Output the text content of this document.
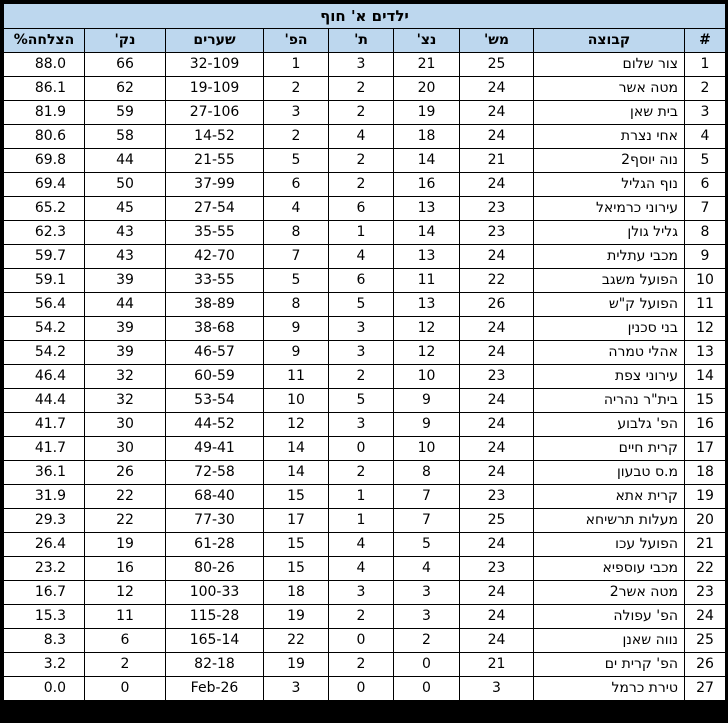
ילדים א' חוף								
#	קבוצה	מש'	נצ'	ת'	הפ'	שערים	נק'	הצלחה%
1	צור שלום	25	21	3	1	32-109	66	88.0
2	מטה אשר	24	20	2	2	19-109	62	86.1
3	בית שאן	24	19	2	3	27-106	59	81.9
4	אחי נצרת	24	18	4	2	14-52	58	80.6
5	נוה יוסף2	21	14	2	5	21-55	44	69.8
6	נוף הגליל	24	16	2	6	37-99	50	69.4
7	עירוני כרמיאל	23	13	6	4	27-54	45	65.2
8	גליל גולן	23	14	1	8	35-55	43	62.3
9	מכבי עתלית	24	13	4	7	42-70	43	59.7
10	הפועל משגב	22	11	6	5	33-55	39	59.1
11	הפועל ק"ש	26	13	5	8	38-89	44	56.4
12	בני סכנין	24	12	3	9	38-68	39	54.2
13	אהלי טמרה	24	12	3	9	46-57	39	54.2
14	עירוני צפת	23	10	2	11	60-59	32	46.4
15	בית"ר נהריה	24	9	5	10	53-54	32	44.4
16	הפ' גלבוע	24	9	3	12	44-52	30	41.7
17	קרית חיים	24	10	0	14	49-41	30	41.7
18	מ.ס טבעון	24	8	2	14	72-58	26	36.1
19	קרית אתא	23	7	1	15	68-40	22	31.9
20	מעלות תרשיחא	25	7	1	17	77-30	22	29.3
21	הפועל עכו	24	5	4	15	61-28	19	26.4
22	מכבי עוספיא	23	4	4	15	80-26	16	23.2
23	מטה אשר2	24	3	3	18	100-33	12	16.7
24	הפ' עפולה	24	3	2	19	115-28	11	15.3
25	נווה שאנן	24	2	0	22	165-14	6	8.3
26	הפ' קרית ים	21	0	2	19	82-18	2	3.2
27	טירת כרמל	3	0	0	3	Feb-26	0	0.0
